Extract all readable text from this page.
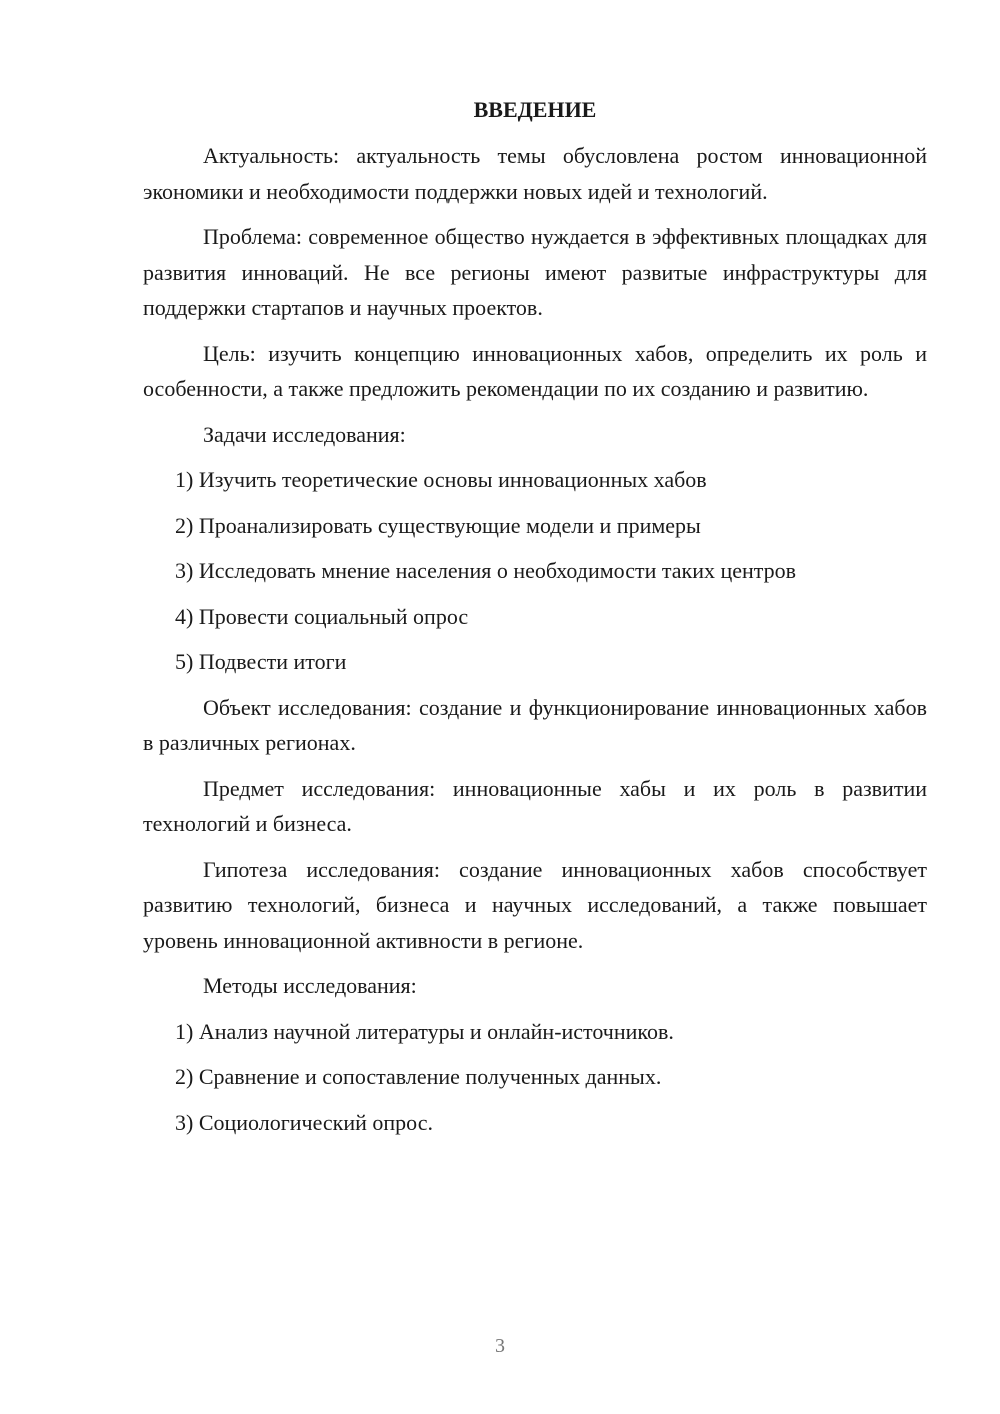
ВВЕДЕНИЕ
Актуальность: актуальность темы обусловлена ростом инновационной экономики и необходимости поддержки новых идей и технологий.
Проблема: современное общество нуждается в эффективных площадках для развития инноваций. Не все регионы имеют развитые инфраструктуры для поддержки стартапов и научных проектов.
Цель: изучить концепцию инновационных хабов, определить их роль и особенности, а также предложить рекомендации по их созданию и развитию.
Задачи исследования:
1) Изучить теоретические основы инновационных хабов
2) Проанализировать существующие модели и примеры
3) Исследовать мнение населения о необходимости таких центров
4) Провести социальный опрос
5) Подвести итоги
Объект исследования: создание и функционирование инновационных хабов в различных регионах.
Предмет исследования: инновационные хабы и их роль в развитии технологий и бизнеса.
Гипотеза исследования: создание инновационных хабов способствует развитию технологий, бизнеса и научных исследований, а также повышает уровень инновационной активности в регионе.
Методы исследования:
1) Анализ научной литературы и онлайн-источников.
2) Сравнение и сопоставление полученных данных.
3) Социологический опрос.
3
